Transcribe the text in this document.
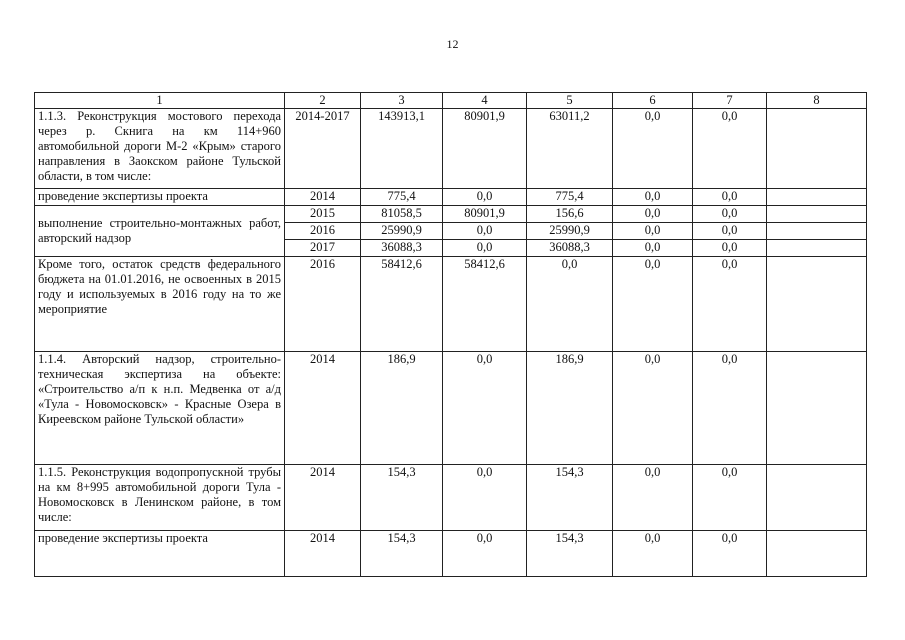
12
1	2	3	4	5	6	7	8
1.1.3. Реконструкция мостового перехода через р. Скнига на км 114+960 автомобильной дороги М-2 «Крым» старого направления в Заокском районе Тульской области, в том числе:	2014-2017	143913,1	80901,9	63011,2	0,0	0,0	
проведение экспертизы проекта	2014	775,4	0,0	775,4	0,0	0,0	
выполнение строительно-монтажных работ, авторский надзор	2015	81058,5	80901,9	156,6	0,0	0,0	
	2016	25990,9	0,0	25990,9	0,0	0,0	
	2017	36088,3	0,0	36088,3	0,0	0,0	
Кроме того, остаток средств федерального бюджета на 01.01.2016, не освоенных в 2015 году и используемых в 2016 году на то же мероприятие	2016	58412,6	58412,6	0,0	0,0	0,0	
1.1.4. Авторский надзор, строительно-техническая экспертиза на объекте: «Строительство а/п к н.п. Медвенка от а/д «Тула - Новомосковск» - Красные Озера в Киреевском районе Тульской области»	2014	186,9	0,0	186,9	0,0	0,0	
1.1.5. Реконструкция водопропускной трубы на км 8+995 автомобильной дороги Тула - Новомосковск в Ленинском районе, в том числе:	2014	154,3	0,0	154,3	0,0	0,0	
проведение экспертизы проекта	2014	154,3	0,0	154,3	0,0	0,0	
